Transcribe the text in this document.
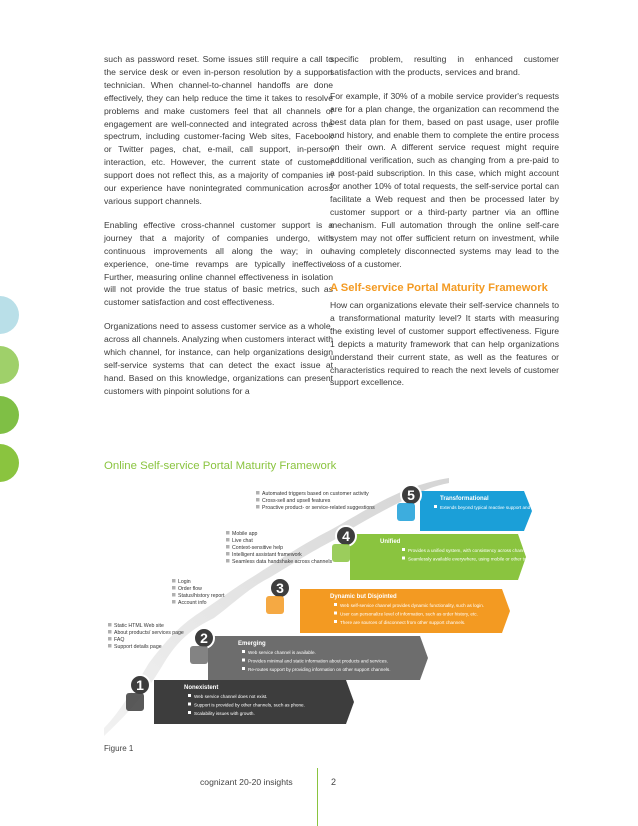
such as password reset. Some issues still require a call to the service desk or even in-person resolution by a support technician. When channel-to-channel handoffs are done effectively, they can help reduce the time it takes to resolve problems and make customers feel that all channels of engagement are well-connected and integrated across the spectrum, including customer-facing Web sites, Facebook or Twitter pages, chat, e-mail, call support, in-person interaction, etc. However, the current state of customer support does not reflect this, as a majority of companies in our experience have nonintegrated communication across various support channels.

Enabling effective cross-channel customer support is a journey that a majority of companies undergo, with continuous improvements all along the way; in our experience, one-time revamps are typically ineffective. Further, measuring online channel effectiveness in isolation will not provide the true status of basic metrics, such as customer satisfaction and cost effectiveness.

Organizations need to assess customer service as a whole, across all channels. Analyzing when customers interact with which channel, for instance, can help organizations design self-service systems that can detect the exact issue at hand. Based on this knowledge, organizations can present customers with pinpoint solutions for a

specific problem, resulting in enhanced customer satisfaction with the products, services and brand.

For example, if 30% of a mobile service provider's requests are for a plan change, the organization can recommend the best data plan for them, based on past usage, user profile and history, and enable them to complete the entire process on their own. A different service request might require additional verification, such as changing from a pre-paid to a post-paid subscription. In this case, which might account for another 10% of total requests, the self-service portal can facilitate a Web request and then be processed later by customer support or a third-party partner via an offline mechanism. Full automation through the online self-care system may not offer sufficient return on investment, while having completely disconnected systems may lead to the loss of a customer.

A Self-service Portal Maturity Framework

How can organizations elevate their self-service channels to a transformational maturity level? It starts with measuring the existing level of customer support effectiveness. Figure 1 depicts a maturity framework that can help organizations understand their current state, as well as the features or characteristics required to reach the next levels of customer support excellence.

Online Self-service Portal Maturity Framework
Nonexistent
Web service channel does not exist.
Support is provided by other channels, such as phone.
Scalability issues with growth.
1
Emerging
Web service channel is available.
Provides minimal and static information about products and services.
Re-routes support by providing information on other support channels.
2
Static HTML Web site
About products/ services page
FAQ
Support details page
Dynamic but Disjointed
Web self-service channel provides dynamic functionality, such as login.
User can personalize level of information, such as order history, etc.
There are sources of disconnect from other support channels.
3
Login
Order flow
Status/history report
Account info
Unified
Provides a unified system, with consistency across channels.
Seamlessly available everywhere, using mobile or other touchpoints.
4
Mobile app
Live chat
Context-sensitive help
Intelligent assistant framework
Seamless data handshake across channels
Transformational
Extends beyond typical reactive support and provides proactive guidance to customers.
5
Automated triggers based on customer activity
Cross-sell and upsell features
Proactive product- or service-related suggestions
Figure 1
cognizant 20-20 insights	2
